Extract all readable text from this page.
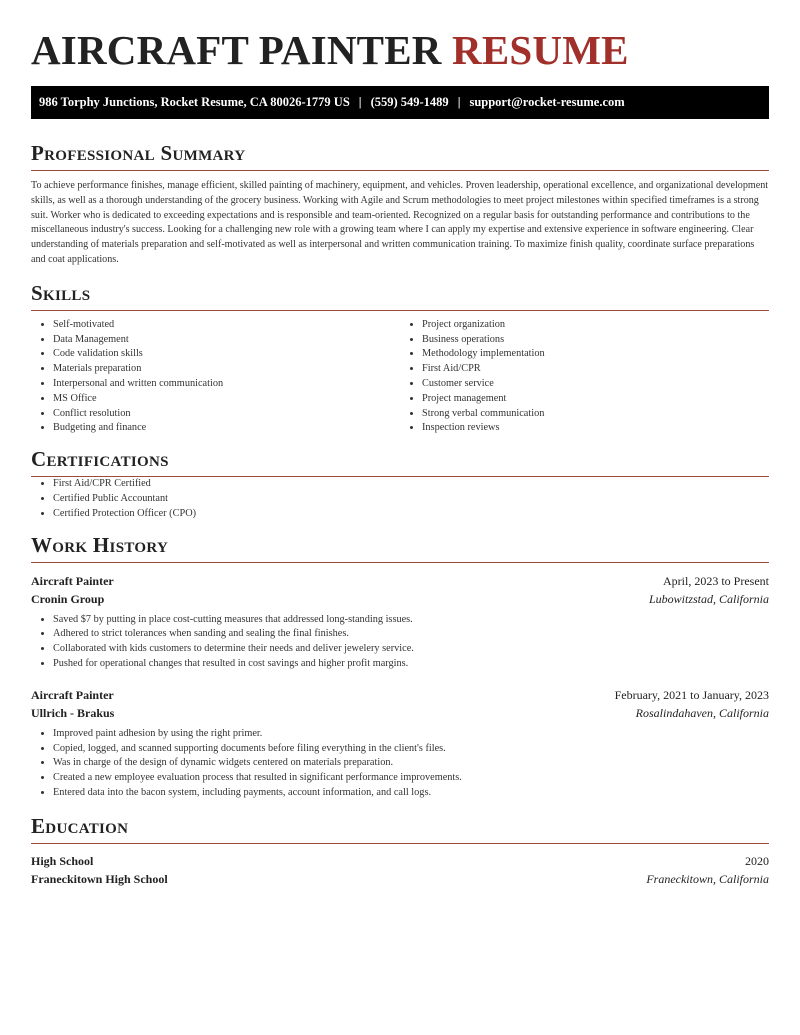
AIRCRAFT PAINTER RESUME
986 Torphy Junctions, Rocket Resume, CA 80026-1779 US | (559) 549-1489 | support@rocket-resume.com
Professional Summary

To achieve performance finishes, manage efficient, skilled painting of machinery, equipment, and vehicles. Proven leadership, operational excellence, and organizational development skills, as well as a thorough understanding of the grocery business. Working with Agile and Scrum methodologies to meet project milestones within specified timeframes is a strong suit. Worker who is dedicated to exceeding expectations and is responsible and team-oriented. Recognized on a regular basis for outstanding performance and contributions to the miscellaneous industry's success. Looking for a challenging new role with a growing team where I can apply my expertise and extensive experience in software engineering. Clear understanding of materials preparation and self-motivated as well as interpersonal and written communication training. To maximize finish quality, coordinate surface preparations and coat applications.

Skills
• Self-motivated
• Data Management
• Code validation skills
• Materials preparation
• Interpersonal and written communication
• MS Office
• Conflict resolution
• Budgeting and finance
• Project organization
• Business operations
• Methodology implementation
• First Aid/CPR
• Customer service
• Project management
• Strong verbal communication
• Inspection reviews
Certifications
• First Aid/CPR Certified
• Certified Public Accountant
• Certified Protection Officer (CPO)
Work History
Aircraft Painter	April, 2023 to Present
Cronin Group	Lubowitzstad, California
• Saved $7 by putting in place cost-cutting measures that addressed long-standing issues.
• Adhered to strict tolerances when sanding and sealing the final finishes.
• Collaborated with kids customers to determine their needs and deliver jewelery service.
• Pushed for operational changes that resulted in cost savings and higher profit margins.
Aircraft Painter	February, 2021 to January, 2023
Ullrich - Brakus	Rosalindahaven, California
• Improved paint adhesion by using the right primer.
• Copied, logged, and scanned supporting documents before filing everything in the client's files.
• Was in charge of the design of dynamic widgets centered on materials preparation.
• Created a new employee evaluation process that resulted in significant performance improvements.
• Entered data into the bacon system, including payments, account information, and call logs.
Education
High School	2020
Franeckitown High School	Franeckitown, California
